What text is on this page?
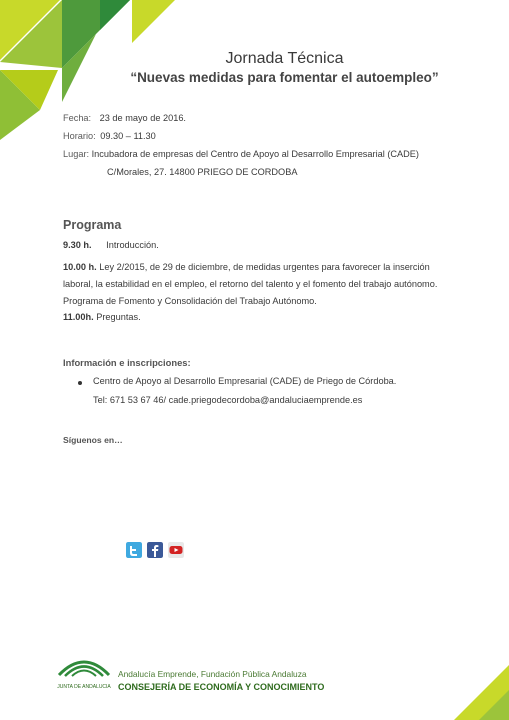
Jornada Técnica
“Nuevas medidas para fomentar el autoempleo”
Fecha: 23 de mayo de 2016.
Horario: 09.30 – 11.30
Lugar: Incubadora de empresas del Centro de Apoyo al Desarrollo Empresarial (CADE)
C/Morales, 27. 14800 PRIEGO DE CORDOBA
Programa
9.30 h. Introducción.
10.00 h. Ley 2/2015, de 29 de diciembre, de medidas urgentes para favorecer la inserción
laboral, la estabilidad en el empleo, el retorno del talento y el fomento del trabajo autónomo.
Programa de Fomento y Consolidación del Trabajo Autónomo.
11.00h. Preguntas.
Información e inscripciones:
Centro de Apoyo al Desarrollo Empresarial (CADE) de Priego de Córdoba.
Tel: 671 53 67 46/ cade.priegodecordoba@andaluciaemprende.es
Síguenos en…
JUNTA DE ANDALUCIA
Andalucía Emprende, Fundación Pública Andaluza
CONSEJERÍA DE ECONOMÍA Y CONOCIMIENTO
